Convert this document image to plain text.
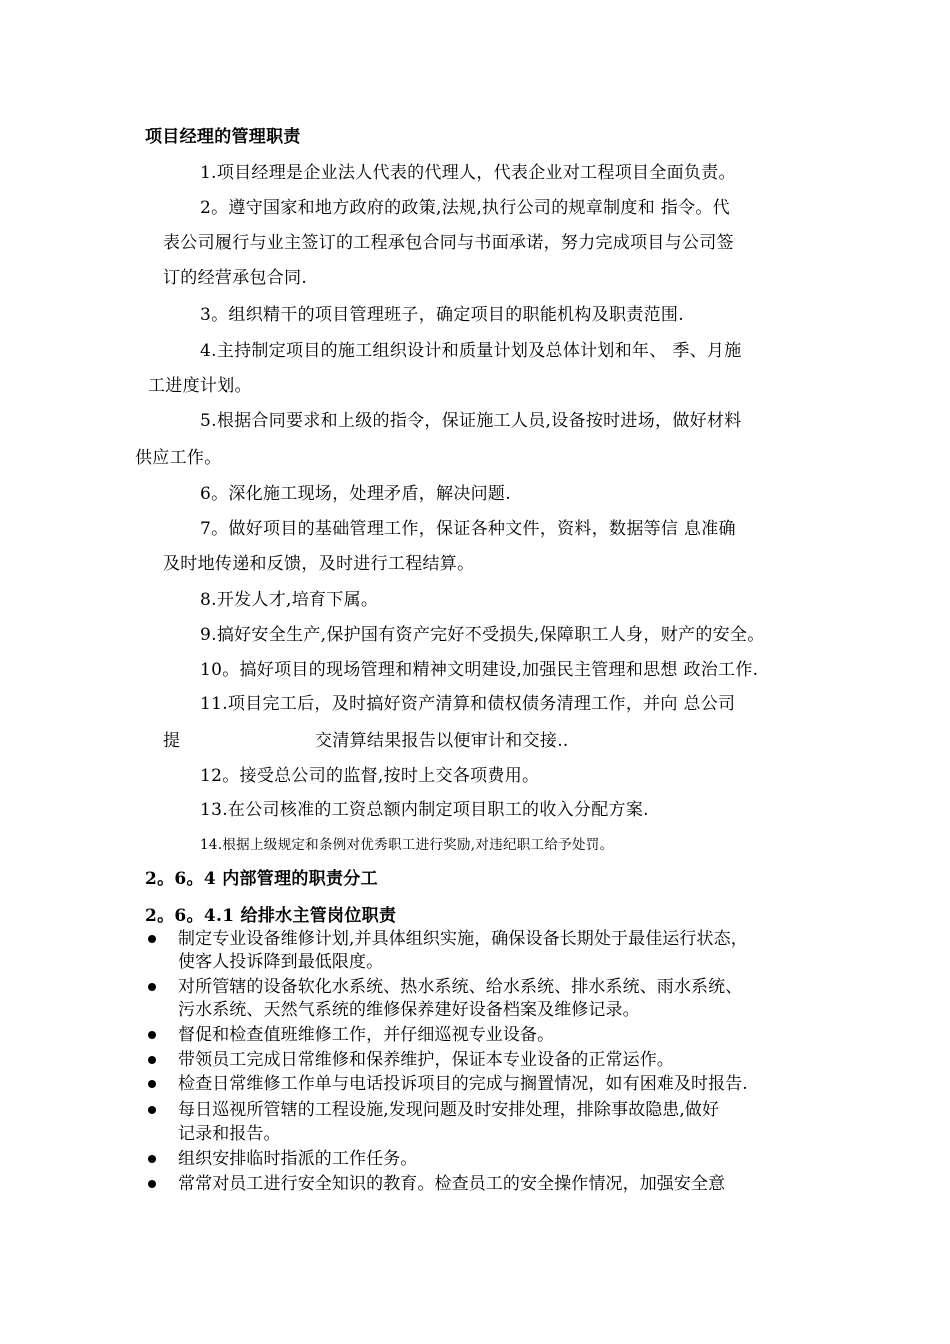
项目经理的管理职责
1.项目经理是企业法人代表的代理人，代表企业对工程项目全面负责。
2。遵守国家和地方政府的政策,法规,执行公司的规章制度和 指令。代
表公司履行与业主签订的工程承包合同与书面承诺，努力完成项目与公司签
订的经营承包合同.
3。组织精干的项目管理班子，确定项目的职能机构及职责范围.
4.主持制定项目的施工组织设计和质量计划及总体计划和年、 季、月施
工进度计划。
5.根据合同要求和上级的指令，保证施工人员,设备按时进场，做好材料
供应工作。
6。深化施工现场，处理矛盾，解决问题.
7。做好项目的基础管理工作，保证各种文件，资料，数据等信 息准确
及时地传递和反馈，及时进行工程结算。
8.开发人才,培育下属。
9.搞好安全生产,保护国有资产完好不受损失,保障职工人身，财产的安全。
10。搞好项目的现场管理和精神文明建设,加强民主管理和思想 政治工作.
11.项目完工后，及时搞好资产清算和债权债务清理工作，并向 总公司
提	交清算结果报告以便审计和交接..
12。接受总公司的监督,按时上交各项费用。
13.在公司核准的工资总额内制定项目职工的收入分配方案.
14.根据上级规定和条例对优秀职工进行奖励,对违纪职工给予处罚。
2。6。4 内部管理的职责分工
2。6。4.1 给排水主管岗位职责
制定专业设备维修计划,并具体组织实施，确保设备长期处于最佳运行状态，
使客人投诉降到最低限度。
对所管辖的设备软化水系统、热水系统、给水系统、排水系统、雨水系统、
污水系统、天然气系统的维修保养建好设备档案及维修记录。
督促和检查值班维修工作，并仔细巡视专业设备。
带领员工完成日常维修和保养维护，保证本专业设备的正常运作。
检查日常维修工作单与电话投诉项目的完成与搁置情况，如有困难及时报告.
每日巡视所管辖的工程设施,发现问题及时安排处理，排除事故隐患,做好
记录和报告。
组织安排临时指派的工作任务。
常常对员工进行安全知识的教育。检查员工的安全操作情况，加强安全意
